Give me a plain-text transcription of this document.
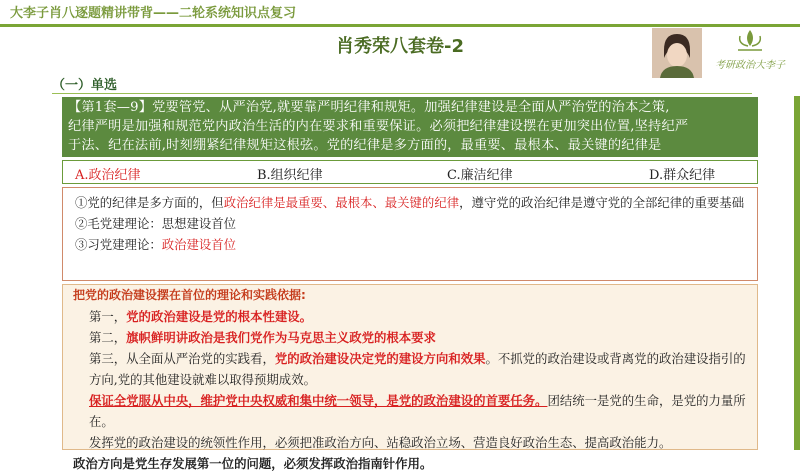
大李子肖八逐题精讲带背——二轮系统知识点复习
肖秀荣八套卷-2
考研政治大李子
（一）单选
【第1套—9】党要管党、从严治党,就要靠严明纪律和规矩。加强纪律建设是全面从严治党的治本之策,
纪律严明是加强和规范党内政治生活的内在要求和重要保证。必须把纪律建设摆在更加突出位置,坚持纪严
于法、纪在法前,时刻绷紧纪律规矩这根弦。党的纪律是多方面的，最重要、最根本、最关键的纪律是
A.政治纪律	B.组织纪律	C.廉洁纪律	D.群众纪律
①党的纪律是多方面的，但政治纪律是最重要、最根本、最关键的纪律，遵守党的政治纪律是遵守党的全部纪律的重要基础
②毛党建理论：思想建设首位
③习党建理论：政治建设首位
把党的政治建设摆在首位的理论和实践依据:
第一，党的政治建设是党的根本性建设。
第二，旗帜鲜明讲政治是我们党作为马克思主义政党的根本要求
第三，从全面从严治党的实践看，党的政治建设决定党的建设方向和效果。不抓党的政治建设或背离党的政治建设指引的方向,党的其他建设就难以取得预期成效。
保证全党服从中央，维护党中央权威和集中统一领导，是党的政治建设的首要任务。团结统一是党的生命，是党的力量所在。
发挥党的政治建设的统领性作用，必须把准政治方向、站稳政治立场、营造良好政治生态、提高政治能力。
政治方向是党生存发展第一位的问题，必须发挥政治指南针作用。
